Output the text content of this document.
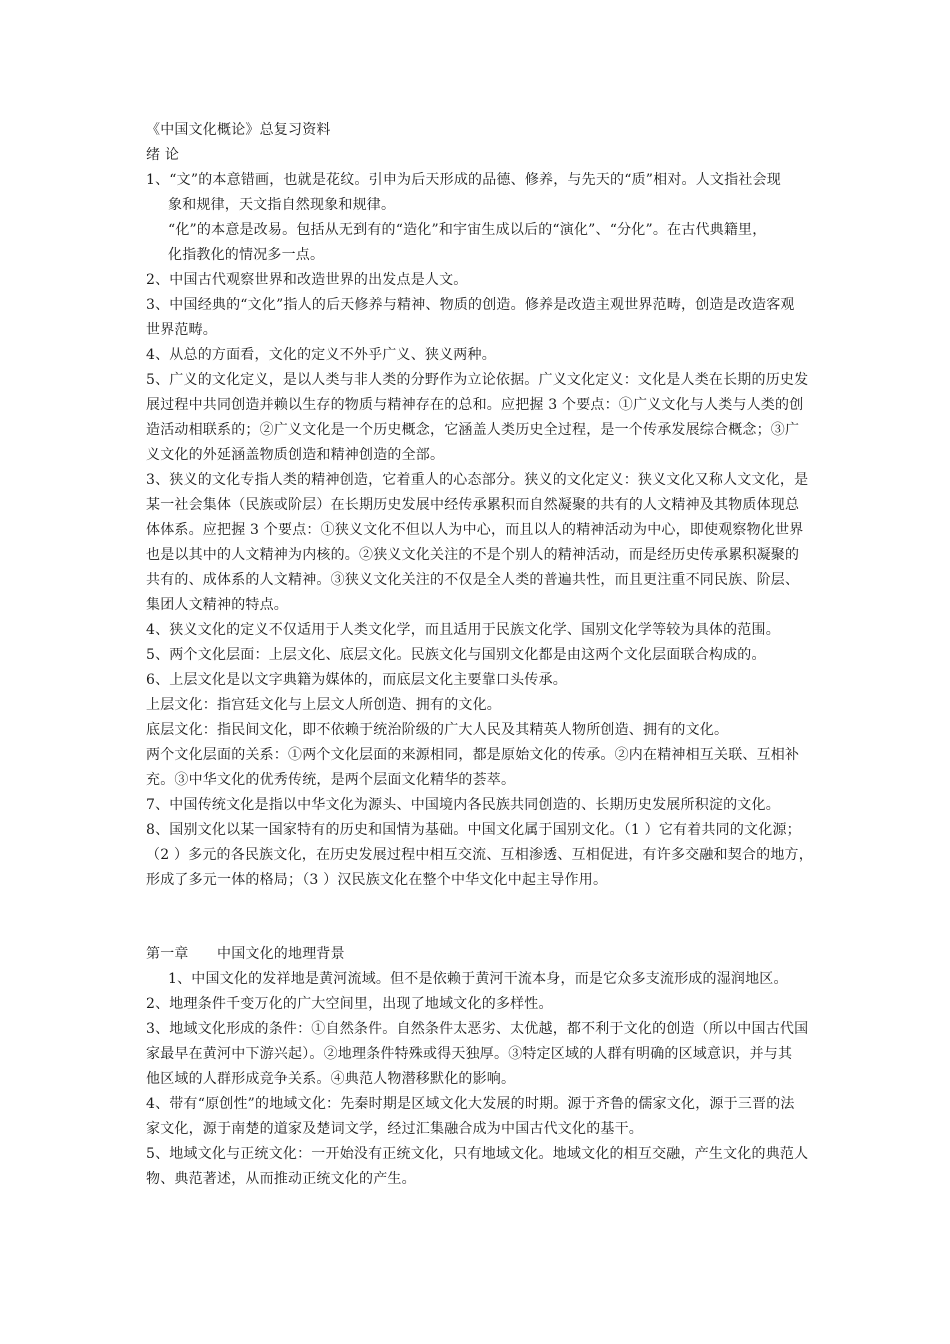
《中国文化概论》总复习资料
绪 论
1、“文”的本意错画，也就是花纹。引申为后天形成的品德、修养，与先天的“质”相对。人文指社会现
象和规律，天文指自然现象和规律。
“化”的本意是改易。包括从无到有的“造化”和宇宙生成以后的“演化”、“分化”。在古代典籍里，
化指教化的情况多一点。
2、中国古代观察世界和改造世界的出发点是人文。
3、中国经典的“文化”指人的后天修养与精神、物质的创造。修养是改造主观世界范畴，创造是改造客观
世界范畴。
4、从总的方面看，文化的定义不外乎广义、狭义两种。
5、广义的文化定义，是以人类与非人类的分野作为立论依据。广义文化定义：文化是人类在长期的历史发
展过程中共同创造并赖以生存的物质与精神存在的总和。应把握 3 个要点：①广义文化与人类与人类的创
造活动相联系的；②广义文化是一个历史概念，它涵盖人类历史全过程，是一个传承发展综合概念；③广
义文化的外延涵盖物质创造和精神创造的全部。
3、狭义的文化专指人类的精神创造，它着重人的心态部分。狭义的文化定义：狭义文化又称人文文化，是
某一社会集体（民族或阶层）在长期历史发展中经传承累积而自然凝聚的共有的人文精神及其物质体现总
体体系。应把握 3 个要点：①狭义文化不但以人为中心，而且以人的精神活动为中心，即使观察物化世界
也是以其中的人文精神为内核的。②狭义文化关注的不是个别人的精神活动，而是经历史传承累积凝聚的
共有的、成体系的人文精神。③狭义文化关注的不仅是全人类的普遍共性，而且更注重不同民族、阶层、
集团人文精神的特点。
4、狭义文化的定义不仅适用于人类文化学，而且适用于民族文化学、国别文化学等较为具体的范围。
5、两个文化层面：上层文化、底层文化。民族文化与国别文化都是由这两个文化层面联合构成的。
6、上层文化是以文字典籍为媒体的，而底层文化主要靠口头传承。
上层文化：指宫廷文化与上层文人所创造、拥有的文化。
底层文化：指民间文化，即不依赖于统治阶级的广大人民及其精英人物所创造、拥有的文化。
两个文化层面的关系：①两个文化层面的来源相同，都是原始文化的传承。②内在精神相互关联、互相补
充。③中华文化的优秀传统，是两个层面文化精华的荟萃。
7、中国传统文化是指以中华文化为源头、中国境内各民族共同创造的、长期历史发展所积淀的文化。
8、国别文化以某一国家特有的历史和国情为基础。中国文化属于国别文化。（1 ）它有着共同的文化源；
（2 ）多元的各民族文化，在历史发展过程中相互交流、互相渗透、互相促进，有许多交融和契合的地方，
形成了多元一体的格局；（3 ）汉民族文化在整个中华文化中起主导作用。
第一章　　中国文化的地理背景
1、中国文化的发祥地是黄河流域。但不是依赖于黄河干流本身，而是它众多支流形成的湿润地区。
2、地理条件千变万化的广大空间里，出现了地域文化的多样性。
3、地域文化形成的条件：①自然条件。自然条件太恶劣、太优越，都不利于文化的创造（所以中国古代国
家最早在黄河中下游兴起）。②地理条件特殊或得天独厚。③特定区域的人群有明确的区域意识，并与其
他区域的人群形成竞争关系。④典范人物潜移默化的影响。
4、带有“原创性”的地域文化：先秦时期是区域文化大发展的时期。源于齐鲁的儒家文化，源于三晋的法
家文化，源于南楚的道家及楚词文学，经过汇集融合成为中国古代文化的基干。
5、地域文化与正统文化：一开始没有正统文化，只有地域文化。地域文化的相互交融，产生文化的典范人
物、典范著述，从而推动正统文化的产生。
